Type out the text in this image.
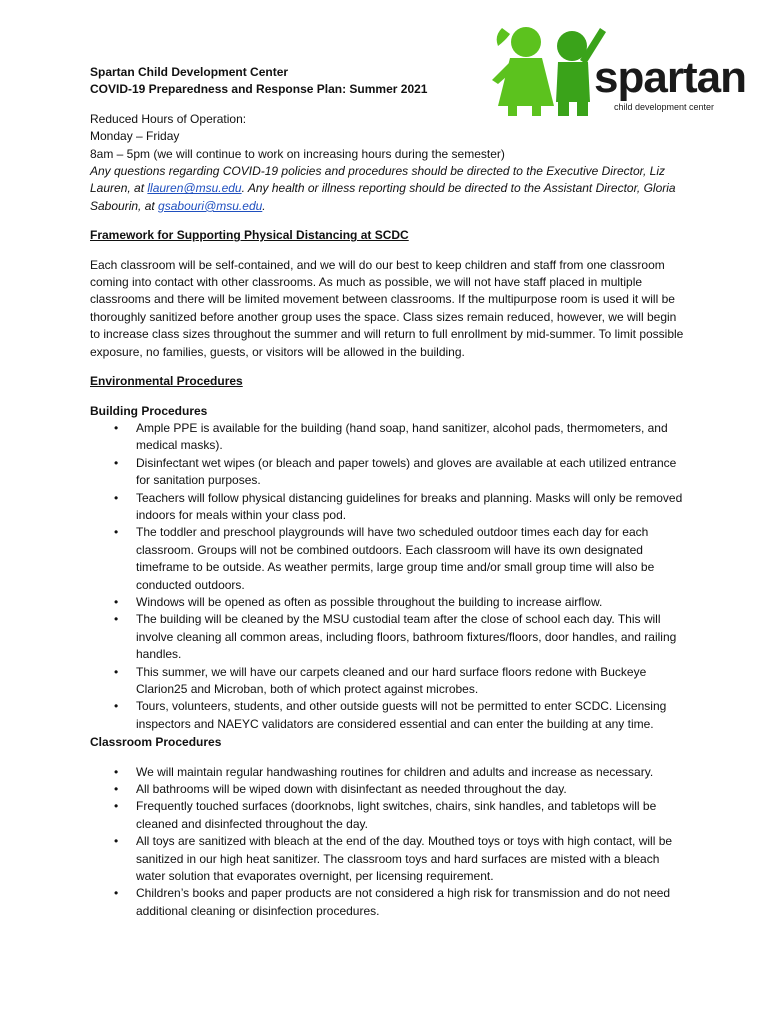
spartan
child development center

Spartan Child Development Center

COVID-19 Preparedness and Response Plan: Summer 2021

Reduced Hours of Operation:

Monday – Friday

8am – 5pm (we will continue to work on increasing hours during the semester)

Any questions regarding COVID-19 policies and procedures should be directed to the Executive Director, Liz Lauren, at llauren@msu.edu. Any health or illness reporting should be directed to the Assistant Director, Gloria Sabourin, at gsabouri@msu.edu.

Framework for Supporting Physical Distancing at SCDC

Each classroom will be self-contained, and we will do our best to keep children and staff from one classroom coming into contact with other classrooms. As much as possible, we will not have staff placed in multiple classrooms and there will be limited movement between classrooms. If the multipurpose room is used it will be thoroughly sanitized before another group uses the space. Class sizes remain reduced, however, we will begin to increase class sizes throughout the summer and will return to full enrollment by mid-summer. To limit possible exposure, no families, guests, or visitors will be allowed in the building.

Environmental Procedures

Building Procedures

• Ample PPE is available for the building (hand soap, hand sanitizer, alcohol pads, thermometers, and medical masks).
• Disinfectant wet wipes (or bleach and paper towels) and gloves are available at each utilized entrance for sanitation purposes.
• Teachers will follow physical distancing guidelines for breaks and planning. Masks will only be removed indoors for meals within your class pod.
• The toddler and preschool playgrounds will have two scheduled outdoor times each day for each classroom. Groups will not be combined outdoors. Each classroom will have its own designated timeframe to be outside. As weather permits, large group time and/or small group time will also be conducted outdoors.
• Windows will be opened as often as possible throughout the building to increase airflow.
• The building will be cleaned by the MSU custodial team after the close of school each day. This will involve cleaning all common areas, including floors, bathroom fixtures/floors, door handles, and railing handles.
• This summer, we will have our carpets cleaned and our hard surface floors redone with Buckeye Clarion25 and Microban, both of which protect against microbes.
• Tours, volunteers, students, and other outside guests will not be permitted to enter SCDC. Licensing inspectors and NAEYC validators are considered essential and can enter the building at any time.

Classroom Procedures

• We will maintain regular handwashing routines for children and adults and increase as necessary.
• All bathrooms will be wiped down with disinfectant as needed throughout the day.
• Frequently touched surfaces (doorknobs, light switches, chairs, sink handles, and tabletops will be cleaned and disinfected throughout the day.
• All toys are sanitized with bleach at the end of the day. Mouthed toys or toys with high contact, will be sanitized in our high heat sanitizer. The classroom toys and hard surfaces are misted with a bleach water solution that evaporates overnight, per licensing requirement.
• Children’s books and paper products are not considered a high risk for transmission and do not need additional cleaning or disinfection procedures.
